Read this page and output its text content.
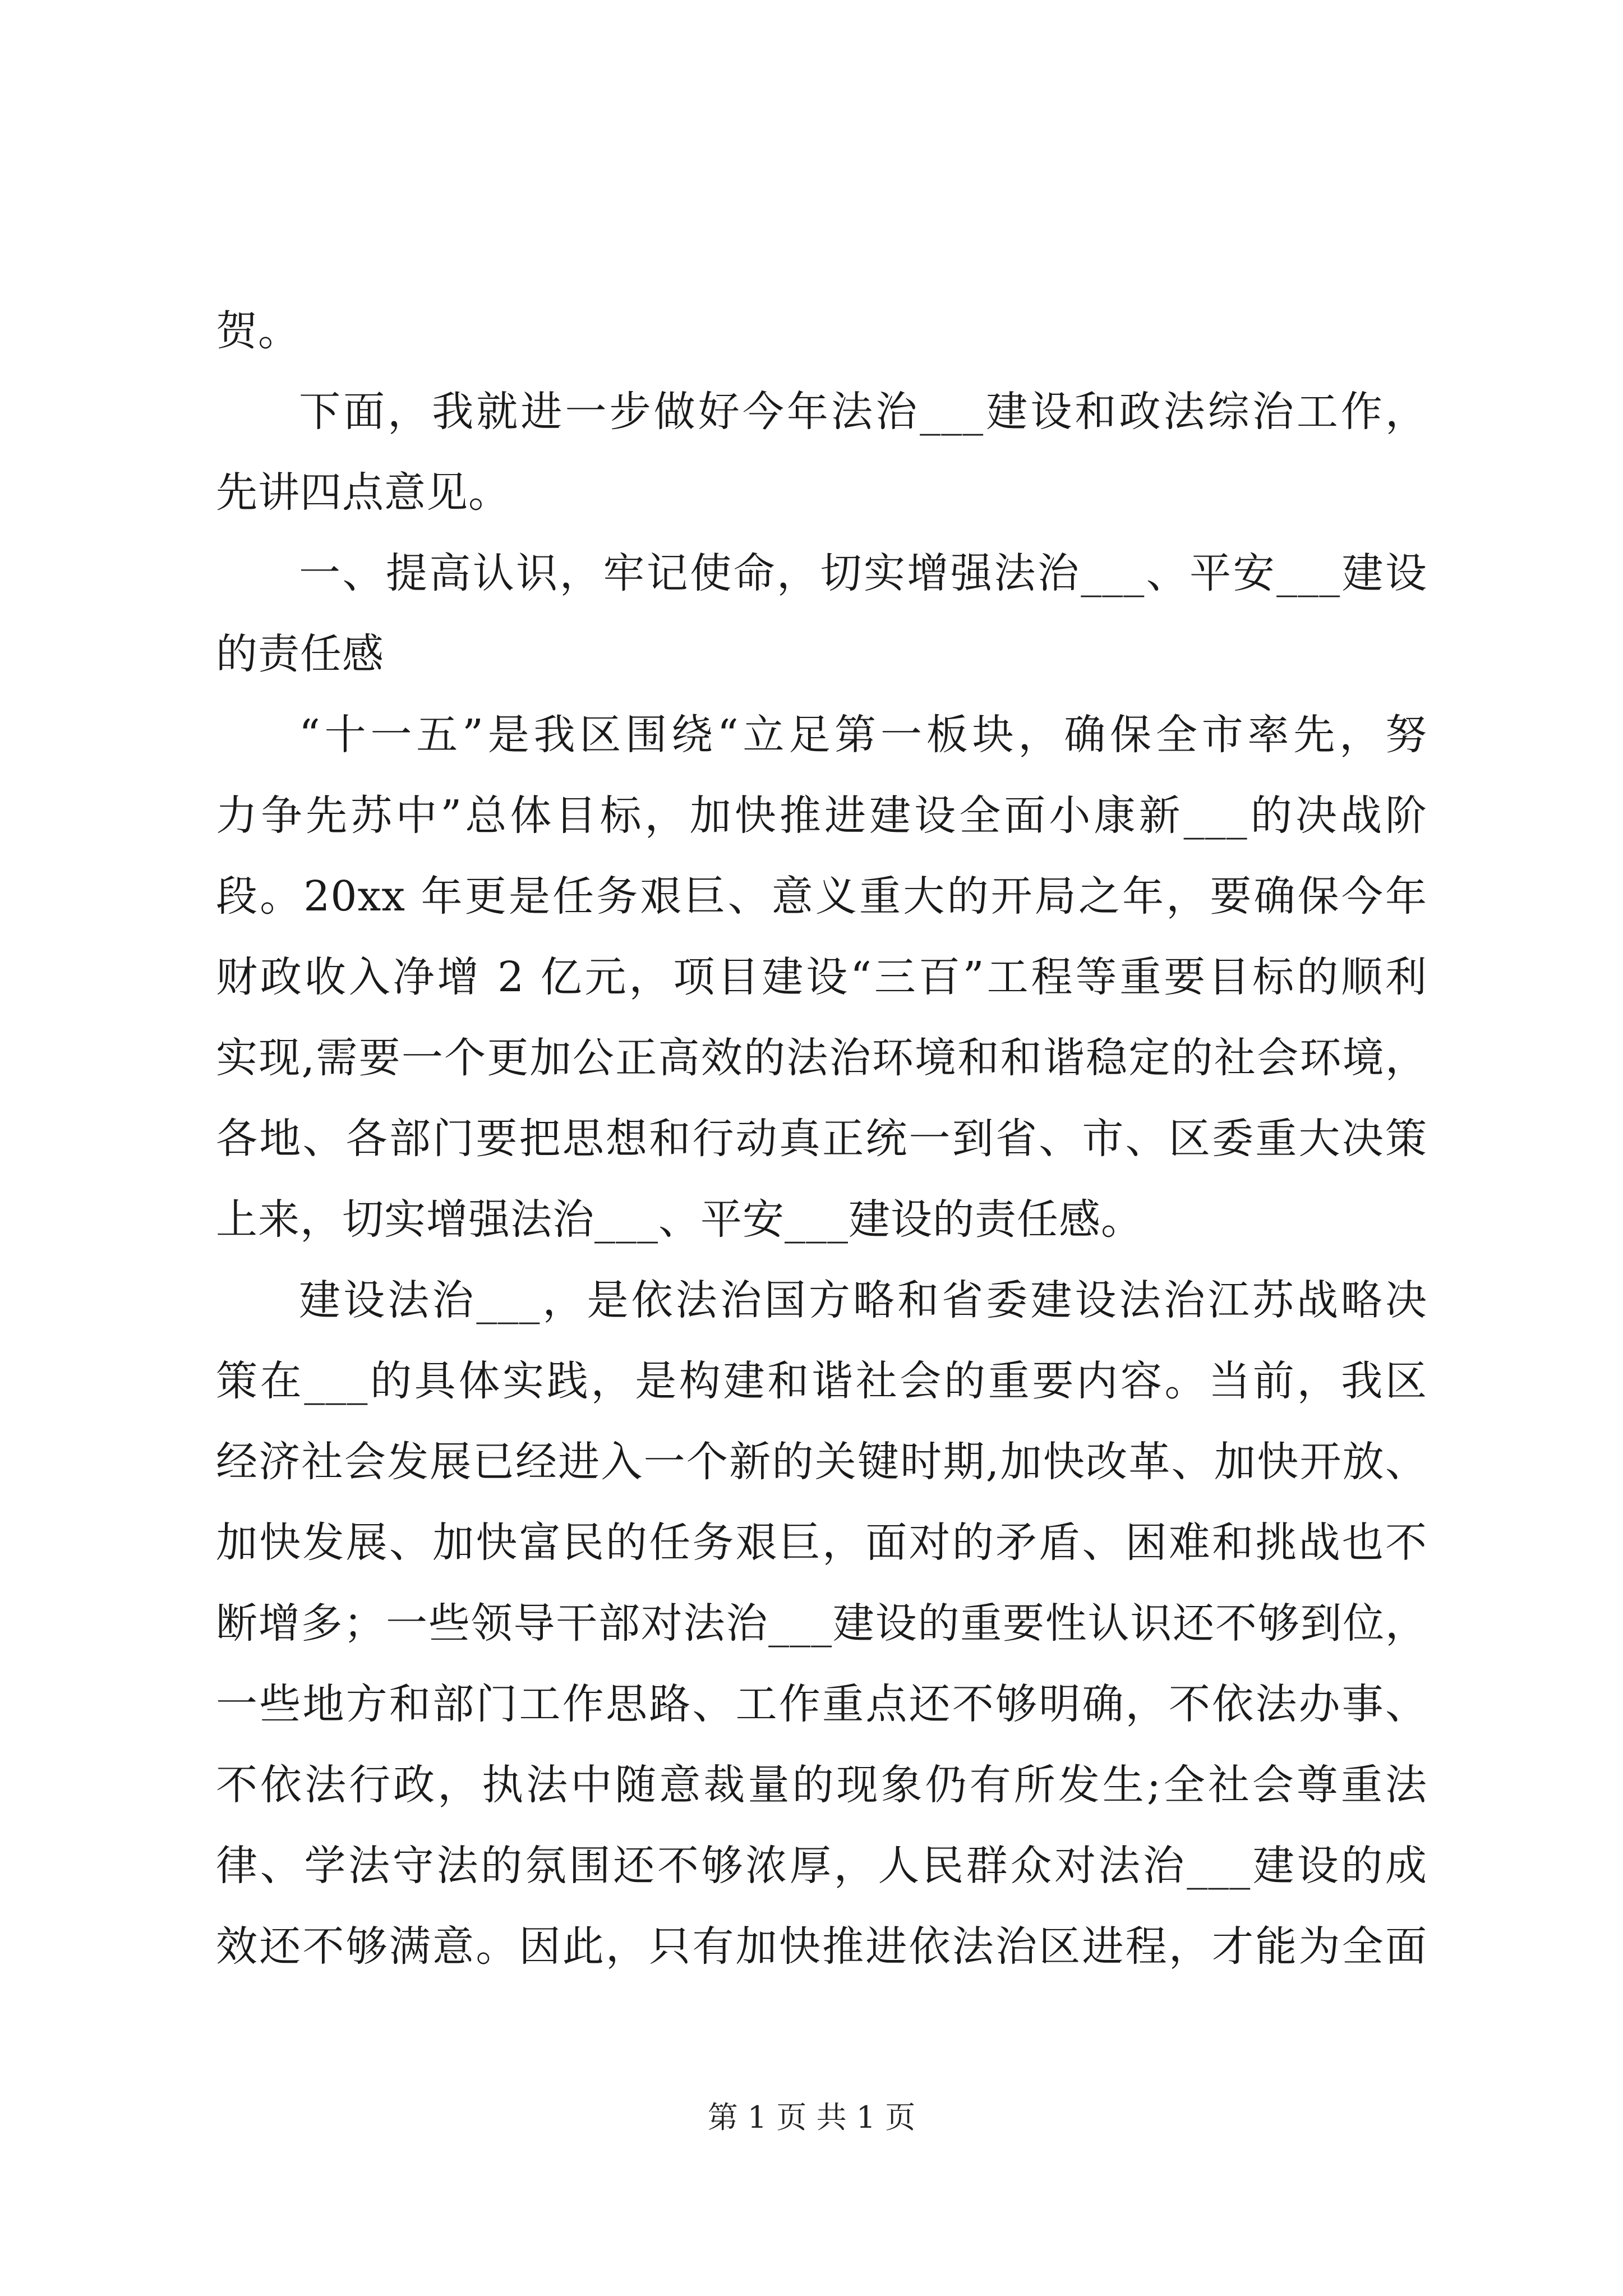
贺。
下面，我就进一步做好今年法治___建设和政法综治工作，
先讲四点意见。
一、提高认识，牢记使命，切实增强法治___、平安___建设
的责任感
“十一五”是我区围绕“立足第一板块，确保全市率先，努
力争先苏中”总体目标，加快推进建设全面小康新___的决战阶
段。20xx 年更是任务艰巨、意义重大的开局之年，要确保今年
财政收入净增 2 亿元，项目建设“三百”工程等重要目标的顺利
实现,需要一个更加公正高效的法治环境和和谐稳定的社会环境，
各地、各部门要把思想和行动真正统一到省、市、区委重大决策
上来，切实增强法治___、平安___建设的责任感。
建设法治___，是依法治国方略和省委建设法治江苏战略决
策在___的具体实践，是构建和谐社会的重要内容。当前，我区
经济社会发展已经进入一个新的关键时期,加快改革、加快开放、
加快发展、加快富民的任务艰巨，面对的矛盾、困难和挑战也不
断增多；一些领导干部对法治___建设的重要性认识还不够到位，
一些地方和部门工作思路、工作重点还不够明确，不依法办事、
不依法行政，执法中随意裁量的现象仍有所发生;全社会尊重法
律、学法守法的氛围还不够浓厚，人民群众对法治___建设的成
效还不够满意。因此，只有加快推进依法治区进程，才能为全面
第 1 页 共 1 页
